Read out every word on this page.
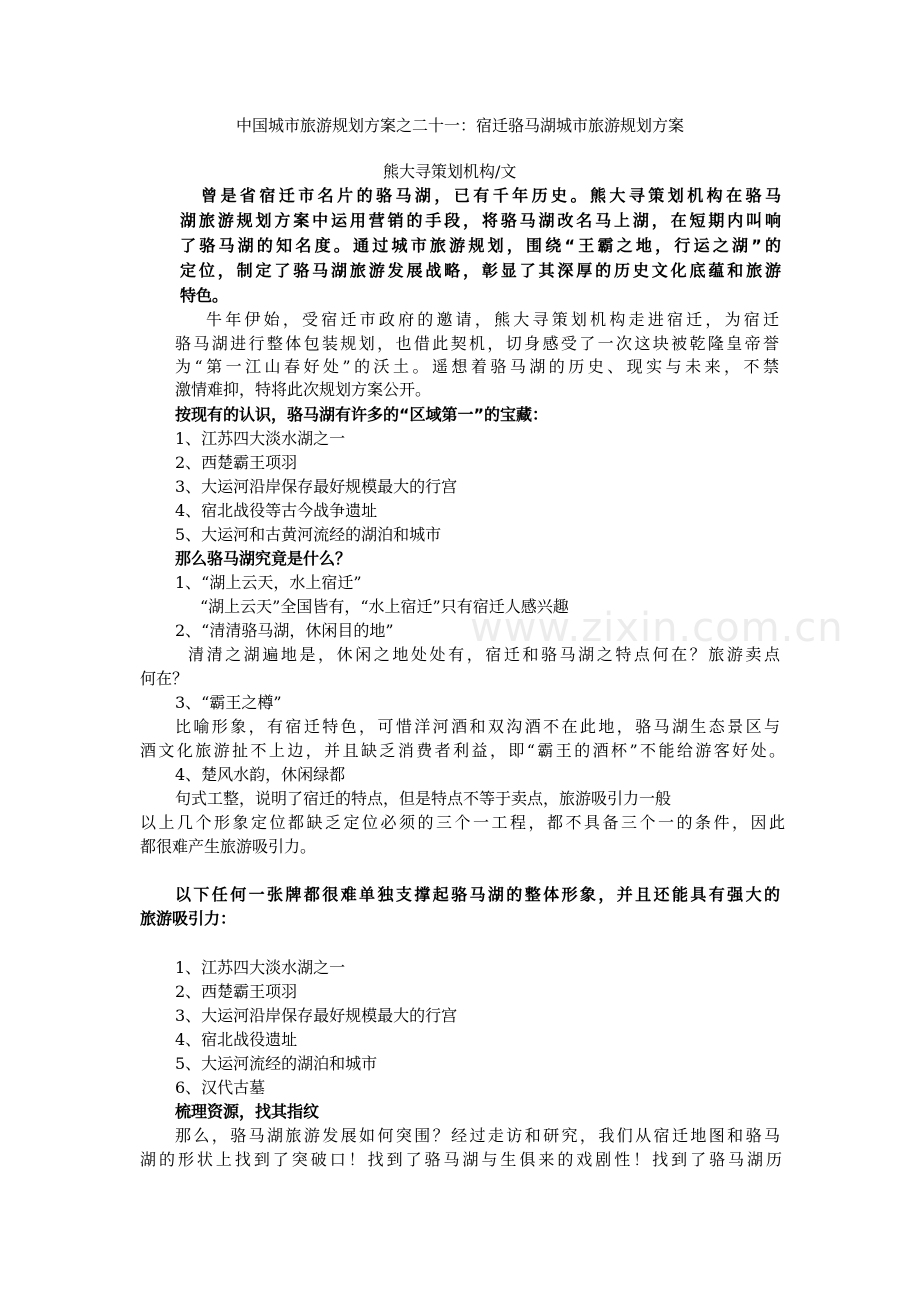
www.zixin.com.cn
中国城市旅游规划方案之二十一：宿迁骆马湖城市旅游规划方案
熊大寻策划机构/文
曾是省宿迁市名片的骆马湖，已有千年历史。熊大寻策划机构在骆马
湖旅游规划方案中运用营销的手段，将骆马湖改名马上湖，在短期内叫响
了骆马湖的知名度。通过城市旅游规划，围绕“王霸之地，行运之湖”的
定位，制定了骆马湖旅游发展战略，彰显了其深厚的历史文化底蕴和旅游
特色。
牛年伊始，受宿迁市政府的邀请，熊大寻策划机构走进宿迁，为宿迁
骆马湖进行整体包装规划，也借此契机，切身感受了一次这块被乾隆皇帝誉
为“第一江山春好处”的沃土。遥想着骆马湖的历史、现实与未来，不禁
激情难抑，特将此次规划方案公开。
按现有的认识，骆马湖有许多的“区域第一”的宝藏：
1、江苏四大淡水湖之一
2、西楚霸王项羽
3、大运河沿岸保存最好规模最大的行宫
4、宿北战役等古今战争遗址
5、大运河和古黄河流经的湖泊和城市
那么骆马湖究竟是什么？
1、“湖上云天，水上宿迁”
“湖上云天”全国皆有，“水上宿迁”只有宿迁人感兴趣
2、“清清骆马湖，休闲目的地”
清清之湖遍地是，休闲之地处处有，宿迁和骆马湖之特点何在？旅游卖点
何在？
3、“霸王之樽”
比喻形象，有宿迁特色，可惜洋河酒和双沟酒不在此地，骆马湖生态景区与
酒文化旅游扯不上边，并且缺乏消费者利益，即“霸王的酒杯”不能给游客好处。
4、楚风水韵，休闲绿都
句式工整，说明了宿迁的特点，但是特点不等于卖点，旅游吸引力一般
以上几个形象定位都缺乏定位必须的三个一工程，都不具备三个一的条件，因此
都很难产生旅游吸引力。
以下任何一张牌都很难单独支撑起骆马湖的整体形象，并且还能具有强大的
旅游吸引力：
1、江苏四大淡水湖之一
2、西楚霸王项羽
3、大运河沿岸保存最好规模最大的行宫
4、宿北战役遗址
5、大运河流经的湖泊和城市
6、汉代古墓
梳理资源，找其指纹
那么，骆马湖旅游发展如何突围？经过走访和研究，我们从宿迁地图和骆马
湖的形状上找到了突破口！找到了骆马湖与生俱来的戏剧性！找到了骆马湖历
